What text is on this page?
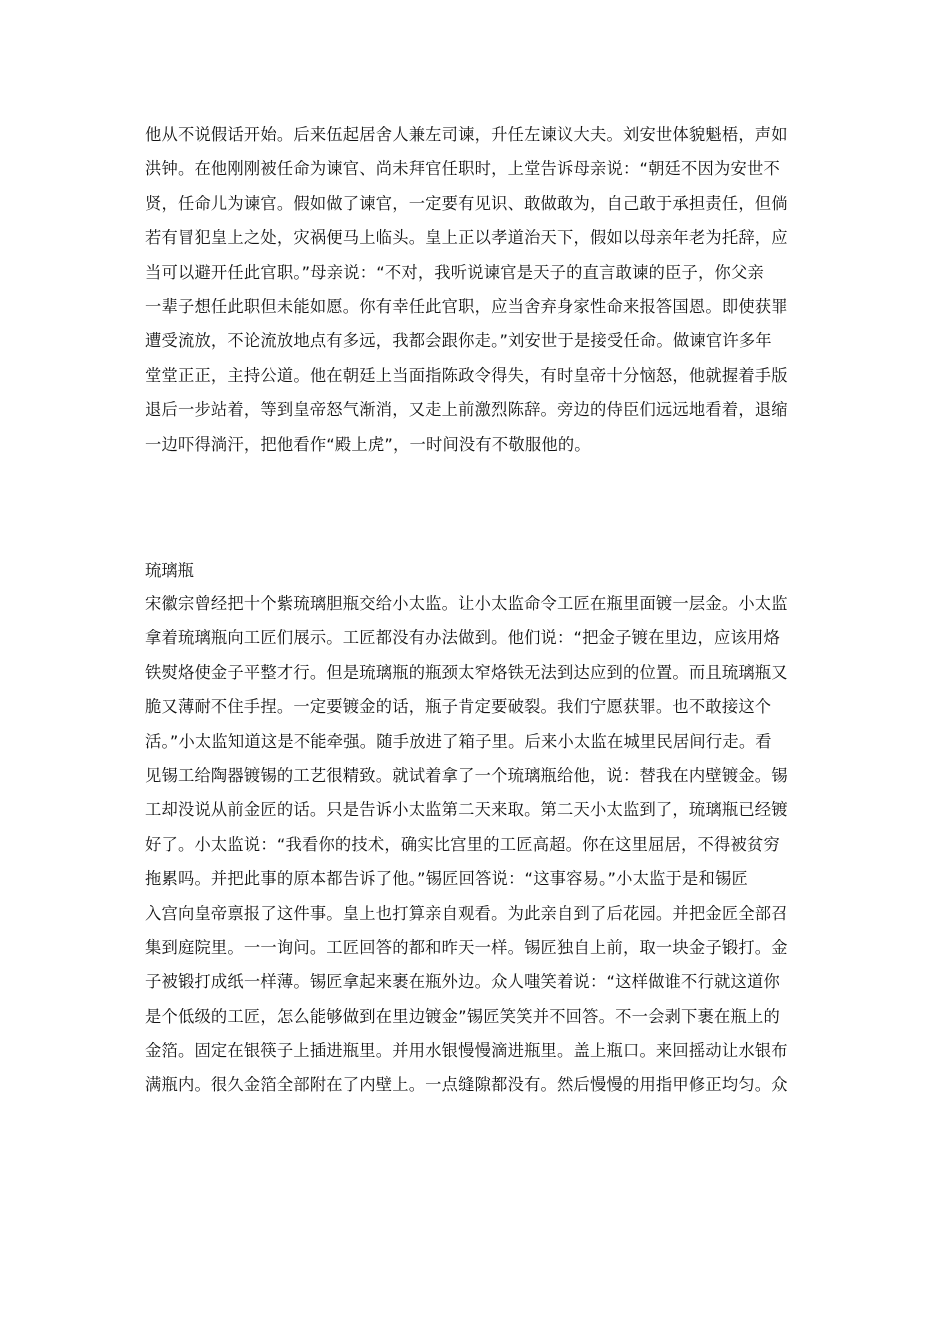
他从不说假话开始。后来伍起居舍人兼左司谏，升任左谏议大夫。刘安世体貌魁梧，声如
洪钟。在他刚刚被任命为谏官、尚未拜官任职时，上堂告诉母亲说：“朝廷不因为安世不
贤，任命儿为谏官。假如做了谏官，一定要有见识、敢做敢为，自己敢于承担责任，但倘
若有冒犯皇上之处，灾祸便马上临头。皇上正以孝道治天下，假如以母亲年老为托辞，应
当可以避开任此官职。”母亲说：“不对，我听说谏官是天子的直言敢谏的臣子，你父亲
一辈子想任此职但未能如愿。你有幸任此官职，应当舍弃身家性命来报答国恩。即使获罪
遭受流放，不论流放地点有多远，我都会跟你走。”刘安世于是接受任命。做谏官许多年
堂堂正正，主持公道。他在朝廷上当面指陈政令得失，有时皇帝十分恼怒，他就握着手版
退后一步站着，等到皇帝怒气渐消，又走上前激烈陈辞。旁边的侍臣们远远地看着，退缩
一边吓得淌汗，把他看作“殿上虎”，一时间没有不敬服他的。
琉璃瓶
宋徽宗曾经把十个紫琉璃胆瓶交给小太监。让小太监命令工匠在瓶里面镀一层金。小太监
拿着琉璃瓶向工匠们展示。工匠都没有办法做到。他们说：“把金子镀在里边，应该用烙
铁熨烙使金子平整才行。但是琉璃瓶的瓶颈太窄烙铁无法到达应到的位置。而且琉璃瓶又
脆又薄耐不住手捏。一定要镀金的话，瓶子肯定要破裂。我们宁愿获罪。也不敢接这个
活。”小太监知道这是不能牵强。随手放进了箱子里。后来小太监在城里民居间行走。看
见锡工给陶器镀锡的工艺很精致。就试着拿了一个琉璃瓶给他，说：替我在内壁镀金。锡
工却没说从前金匠的话。只是告诉小太监第二天来取。第二天小太监到了，琉璃瓶已经镀
好了。小太监说：“我看你的技术，确实比宫里的工匠高超。你在这里屈居，不得被贫穷
拖累吗。并把此事的原本都告诉了他。”锡匠回答说：“这事容易。”小太监于是和锡匠
入宫向皇帝禀报了这件事。皇上也打算亲自观看。为此亲自到了后花园。并把金匠全部召
集到庭院里。一一询问。工匠回答的都和昨天一样。锡匠独自上前，取一块金子锻打。金
子被锻打成纸一样薄。锡匠拿起来裹在瓶外边。众人嗤笑着说：“这样做谁不行就这道你
是个低级的工匠，怎么能够做到在里边镀金”锡匠笑笑并不回答。不一会剥下裹在瓶上的
金箔。固定在银筷子上插进瓶里。并用水银慢慢滴进瓶里。盖上瓶口。来回摇动让水银布
满瓶内。很久金箔全部附在了内壁上。一点缝隙都没有。然后慢慢的用指甲修正均匀。众
